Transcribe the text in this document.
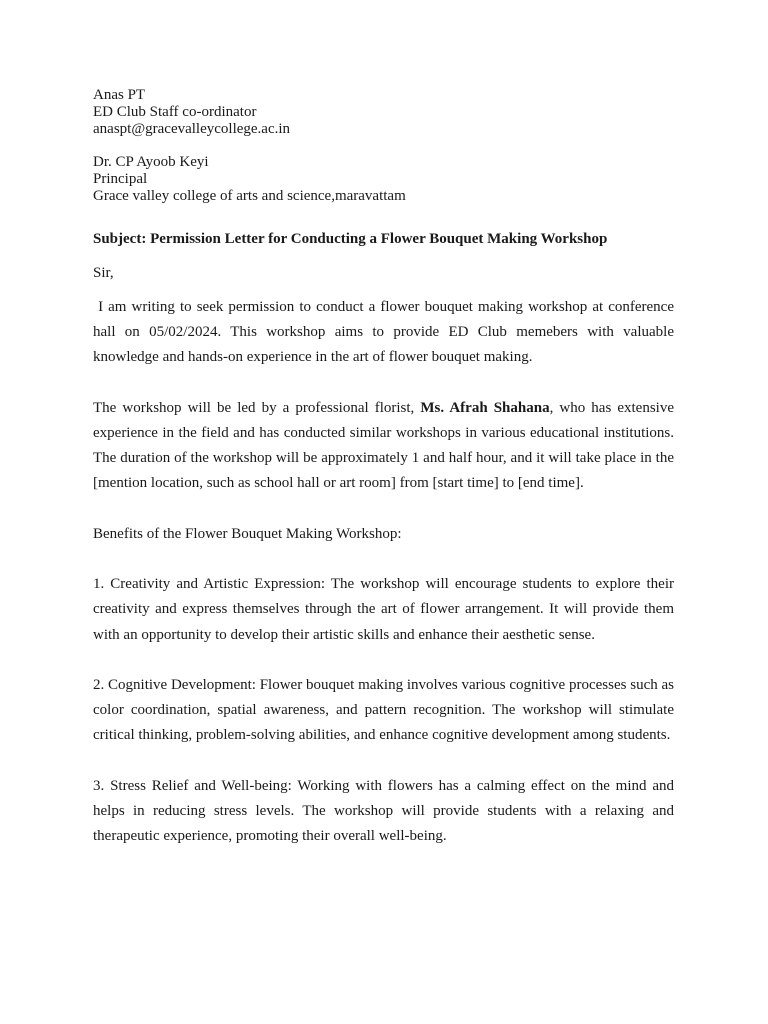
Anas PT
ED Club Staff co-ordinator
anaspt@gracevalleycollege.ac.in
Dr. CP Ayoob Keyi
Principal
Grace valley college of arts and science,maravattam
Subject: Permission Letter for Conducting a Flower Bouquet Making Workshop
Sir,

I am writing to seek permission to conduct a flower bouquet making workshop at conference hall on 05/02/2024. This workshop aims to provide ED Club memebers with valuable knowledge and hands-on experience in the art of flower bouquet making.

The workshop will be led by a professional florist, Ms. Afrah Shahana, who has extensive experience in the field and has conducted similar workshops in various educational institutions. The duration of the workshop will be approximately 1 and half hour, and it will take place in the [mention location, such as school hall or art room] from [start time] to [end time].

Benefits of the Flower Bouquet Making Workshop:

1. Creativity and Artistic Expression: The workshop will encourage students to explore their creativity and express themselves through the art of flower arrangement. It will provide them with an opportunity to develop their artistic skills and enhance their aesthetic sense.

2. Cognitive Development: Flower bouquet making involves various cognitive processes such as color coordination, spatial awareness, and pattern recognition. The workshop will stimulate critical thinking, problem-solving abilities, and enhance cognitive development among students.

3. Stress Relief and Well-being: Working with flowers has a calming effect on the mind and helps in reducing stress levels. The workshop will provide students with a relaxing and therapeutic experience, promoting their overall well-being.
